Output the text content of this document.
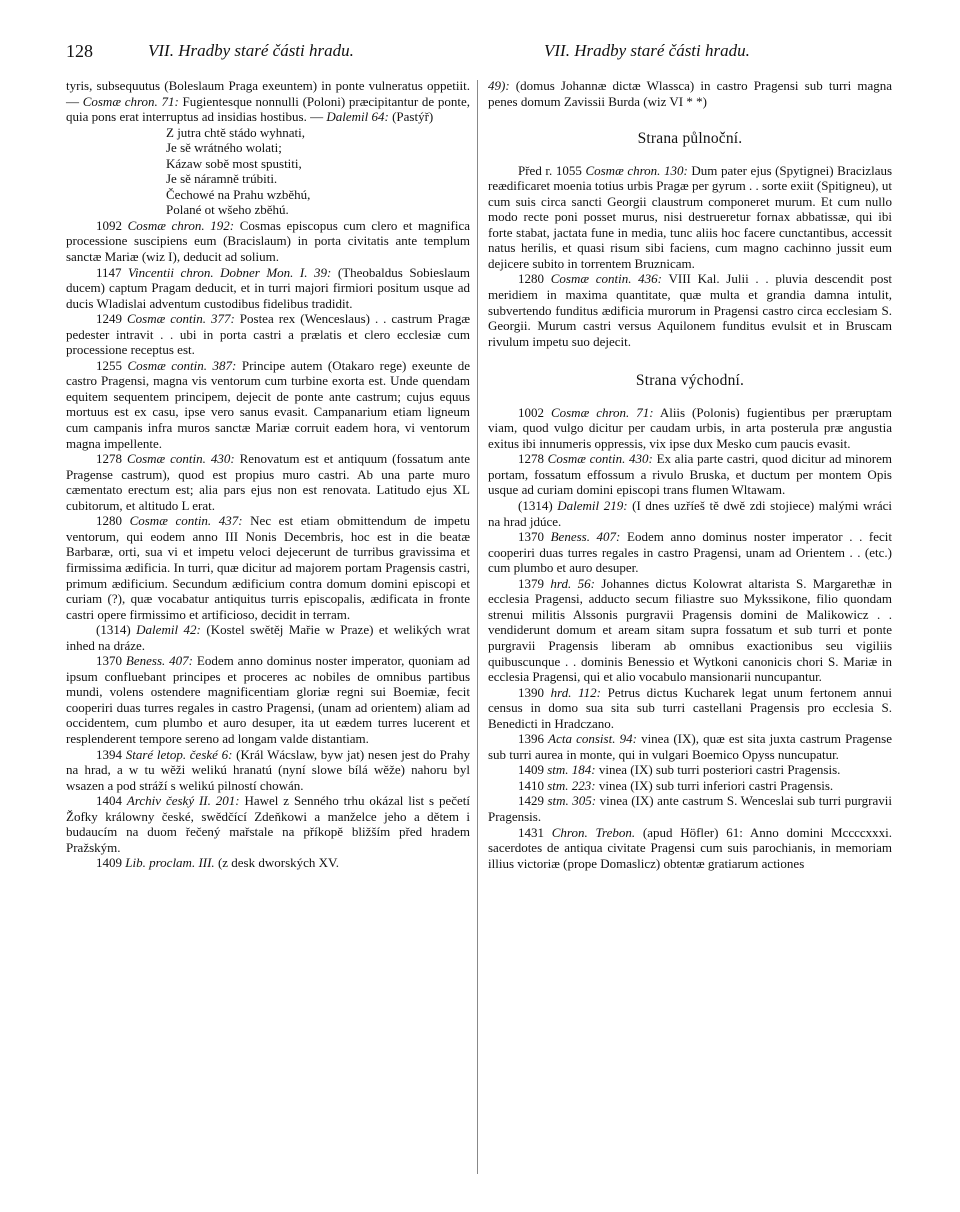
128	VII. Hradby staré části hradu.	VII. Hradby staré části hradu.

tyris, subsequutus (Boleslaum Praga exeuntem) in ponte vulneratus oppetiit. — Cosmæ chron. 71: Fugientesque nonnulli (Poloni) præcipitantur de ponte, quia pons erat interruptus ad insidias hostibus. — Dalemil 64: (Pastýř)

Z jutra chtě stádo wyhnati,
Je sě wrátného wolati;
Kázaw sobě most spustiti,
Je sě náramně trúbiti.
Čechowé na Prahu wzběhú,
Polané ot wšeho zběhú.

1092 Cosmæ chron. 192: Cosmas episcopus cum clero et magnifica processione suscipiens eum (Bracislaum) in porta civitatis ante templum sanctæ Mariæ (wiz I), deducit ad solium.

1147 Vincentii chron. Dobner Mon. I. 39: (Theobaldus Sobieslaum ducem) captum Pragam deducit, et in turri majori firmiori positum usque ad ducis Wladislai adventum custodibus fidelibus tradidit.

1249 Cosmæ contin. 377: Postea rex (Wenceslaus) . . castrum Pragæ pedester intravit . . ubi in porta castri a prælatis et clero ecclesiæ cum processione receptus est.

1255 Cosmæ contin. 387: Principe autem (Otakaro rege) exeunte de castro Pragensi, magna vis ventorum cum turbine exorta est. Unde quendam equitem sequentem principem, dejecit de ponte ante castrum; cujus equus mortuus est ex casu, ipse vero sanus evasit. Campanarium etiam ligneum cum campanis infra muros sanctæ Mariæ corruit eadem hora, vi ventorum magna impellente.

1278 Cosmæ contin. 430: Renovatum est et antiquum (fossatum ante Pragense castrum), quod est propius muro castri. Ab una parte muro cæmentato erectum est; alia pars ejus non est renovata. Latitudo ejus XL cubitorum, et altitudo L erat.

1280 Cosmæ contin. 437: Nec est etiam obmittendum de impetu ventorum, qui eodem anno III Nonis Decembris, hoc est in die beatæ Barbaræ, orti, sua vi et impetu veloci dejecerunt de turribus gravissima et firmissima ædificia. In turri, quæ dicitur ad majorem portam Pragensis castri, primum ædificium. Secundum ædificium contra domum domini episcopi et curiam (?), quæ vocabatur antiquitus turris episcopalis, ædificata in fronte castri opere firmissimo et artificioso, decidit in terram.

(1314) Dalemil 42: (Kostel swětěj Mařie w Praze) et welikých wrat inhed na dráze.

1370 Beness. 407: Eodem anno dominus noster imperator, quoniam ad ipsum confluebant principes et proceres ac nobiles de omnibus partibus mundi, volens ostendere magnificentiam gloriæ regni sui Boemiæ, fecit cooperiri duas turres regales in castro Pragensi, (unam ad orientem) aliam ad occidentem, cum plumbo et auro desuper, ita ut eædem turres lucerent et resplenderent tempore sereno ad longam valde distantiam.

1394 Staré letop. české 6: (Král Wácslaw, byw jat) nesen jest do Prahy na hrad, a w tu wěži welikú hranatú (nyní slowe bílá wěže) nahoru byl wsazen a pod stráží s welikú pilností chowán.

1404 Archiv český II. 201: Hawel z Senného trhu okázal list s pečetí Žofky králowny české, swědčící Zdeňkowi a manželce jeho a dětem i budaucím na duom řečený mařstale na příkopě bližším před hradem Pražským.

1409 Lib. proclam. III. (z desk dworských XV.

49): (domus Johannæ dictæ Wlassca) in castro Pragensi sub turri magna penes domum Zavissii Burda (wiz VI * *)

Strana půlnoční.

Před r. 1055 Cosmæ chron. 130: Dum pater ejus (Spytignei) Bracizlaus reædificaret moenia totius urbis Pragæ per gyrum . . sorte exiit (Spitigneu), ut cum suis circa sancti Georgii claustrum componeret murum. Et cum nullo modo recte poni posset murus, nisi destrueretur fornax abbatissæ, qui ibi forte stabat, jactata fune in media, tunc aliis hoc facere cunctantibus, accessit natus herilis, et quasi risum sibi faciens, cum magno cachinno jussit eum dejicere subito in torrentem Bruznicam.

1280 Cosmæ contin. 436: VIII Kal. Julii . . pluvia descendit post meridiem in maxima quantitate, quæ multa et grandia damna intulit, subvertendo funditus ædificia murorum in Pragensi castro circa ecclesiam S. Georgii. Murum castri versus Aquilonem funditus evulsit et in Bruscam rivulum impetu suo dejecit.

Strana východní.

1002 Cosmæ chron. 71: Aliis (Polonis) fugientibus per præruptam viam, quod vulgo dicitur per caudam urbis, in arta posterula præ angustia exitus ibi innumeris oppressis, vix ipse dux Mesko cum paucis evasit.

1278 Cosmæ contin. 430: Ex alia parte castri, quod dicitur ad minorem portam, fossatum effossum a rivulo Bruska, et ductum per montem Opis usque ad curiam domini episcopi trans flumen Wltawam.

(1314) Dalemil 219: (I dnes uzříeš tě dwě zdi stojiece) malými wráci na hrad jdúce.

1370 Beness. 407: Eodem anno dominus noster imperator . . fecit cooperiri duas turres regales in castro Pragensi, unam ad Orientem . . (etc.) cum plumbo et auro desuper.

1379 hrd. 56: Johannes dictus Kolowrat altarista S. Margarethæ in ecclesia Pragensi, adducto secum filiastre suo Mykssikone, filio quondam strenui militis Alssonis purgravii Pragensis domini de Malikowicz . . vendiderunt domum et aream sitam supra fossatum et sub turri et ponte purgravii Pragensis liberam ab omnibus exactionibus seu vigiliis quibuscunque . . dominis Benessio et Wytkoni canonicis chori S. Mariæ in ecclesia Pragensi, qui et alio vocabulo mansionarii nuncupantur.

1390 hrd. 112: Petrus dictus Kucharek legat unum fertonem annui census in domo sua sita sub turri castellani Pragensis pro ecclesia S. Benedicti in Hradczano.

1396 Acta consist. 94: vinea (IX), quæ est sita juxta castrum Pragense sub turri aurea in monte, qui in vulgari Boemico Opyss nuncupatur.

1409 stm. 184: vinea (IX) sub turri posteriori castri Pragensis.

1410 stm. 223: vinea (IX) sub turri inferiori castri Pragensis.

1429 stm. 305: vinea (IX) ante castrum S. Wenceslai sub turri purgravii Pragensis.

1431 Chron. Trebon. (apud Höfler) 61: Anno domini Mccccxxxi. sacerdotes de antiqua civitate Pragensi cum suis parochianis, in memoriam illius victoriæ (prope Domaslicz) obtentæ gratiarum actiones
